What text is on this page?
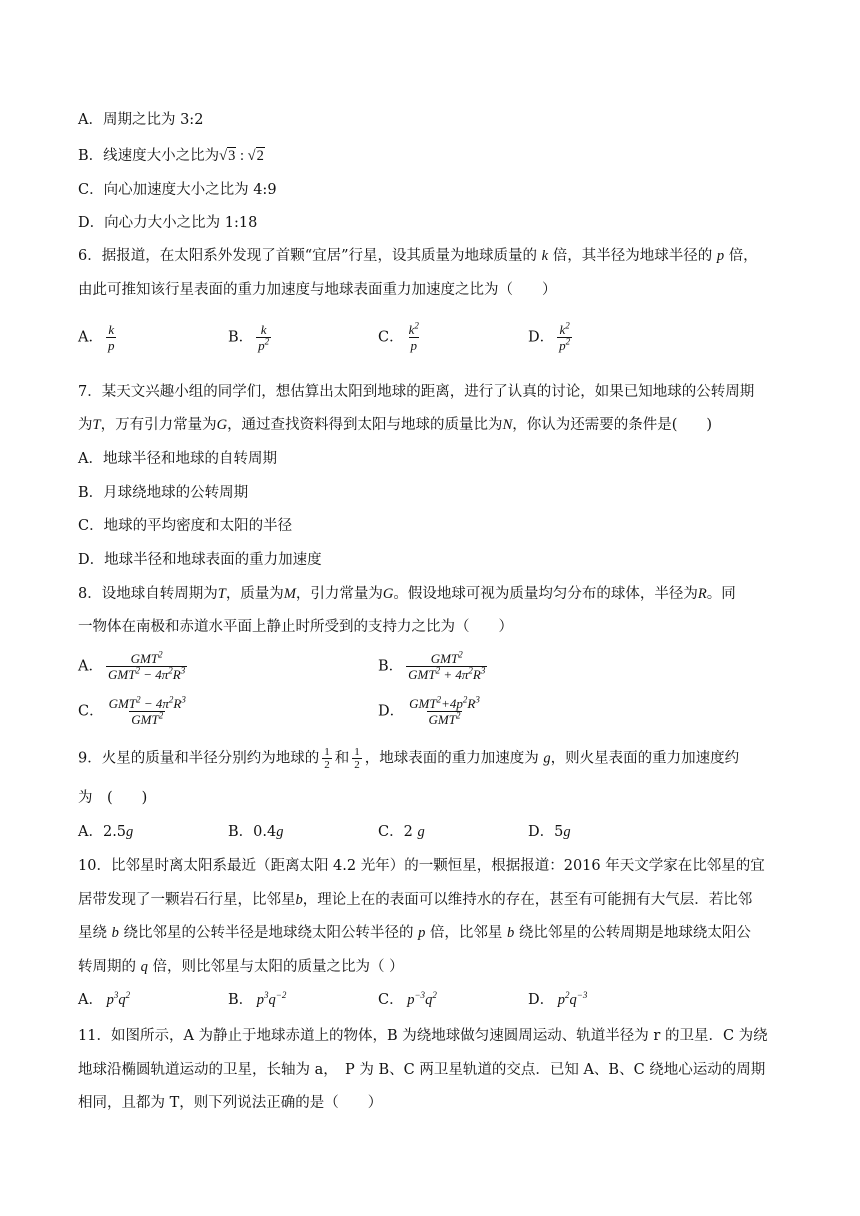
A．周期之比为 3:2
B．线速度大小之比为√3 : √2
C．向心加速度大小之比为 4:9
D．向心力大小之比为 1:18
6．据报道，在太阳系外发现了首颗“宜居”行星，设其质量为地球质量的 k 倍，其半径为地球半径的 p 倍，
由此可推知该行星表面的重力加速度与地球表面重力加速度之比为（　　）
A． $\frac{k}{p}$	B． $\frac{k}{p^2}$	C． $\frac{k^2}{p}$	D． $\frac{k^2}{p^2}$
7．某天文兴趣小组的同学们，想估算出太阳到地球的距离，进行了认真的讨论，如果已知地球的公转周期
为T，万有引力常量为G，通过查找资料得到太阳与地球的质量比为N，你认为还需要的条件是(　　)
A．地球半径和地球的自转周期
B．月球绕地球的公转周期
C．地球的平均密度和太阳的半径
D．地球半径和地球表面的重力加速度
8．设地球自转周期为T，质量为M，引力常量为G。假设地球可视为质量均匀分布的球体，半径为R。同
一物体在南极和赤道水平面上静止时所受到的支持力之比为（　　）
A． $\frac{GMT^2}{GMT^2 - 4\pi^2R^3}$	B． $\frac{GMT^2}{GMT^2 + 4\pi^2R^3}$
C． $\frac{GMT^2 - 4\pi^2R^3}{GMT^2}$	D． $\frac{GMT^2+4p^2R^3}{GMT^2}$
9．火星的质量和半径分别约为地球的 $\frac{1}{2}$ 和 $\frac{1}{2}$ ，地球表面的重力加速度为 g，则火星表面的重力加速度约
为　(　　)
A．2.5g	B．0.4g	C．2 g	D．5g
10．比邻星时离太阳系最近（距离太阳 4.2 光年）的一颗恒星，根据报道：2016 年天文学家在比邻星的宜
居带发现了一颗岩石行星，比邻星b，理论上在的表面可以维持水的存在，甚至有可能拥有大气层．若比邻
星绕 b 绕比邻星的公转半径是地球绕太阳公转半径的 p 倍，比邻星 b 绕比邻星的公转周期是地球绕太阳公
转周期的 q 倍，则比邻星与太阳的质量之比为（ ）
A． $p^3q^2$	B． $p^3q^{-2}$	C． $p^{-3}q^2$	D． $p^2q^{-3}$
11．如图所示，A 为静止于地球赤道上的物体，B 为绕地球做匀速圆周运动、轨道半径为 r 的卫星．C 为绕
地球沿椭圆轨道运动的卫星，长轴为 a，　P 为 B、C 两卫星轨道的交点．已知 A、B、C 绕地心运动的周期
相同，且都为 T，则下列说法正确的是（　　）
